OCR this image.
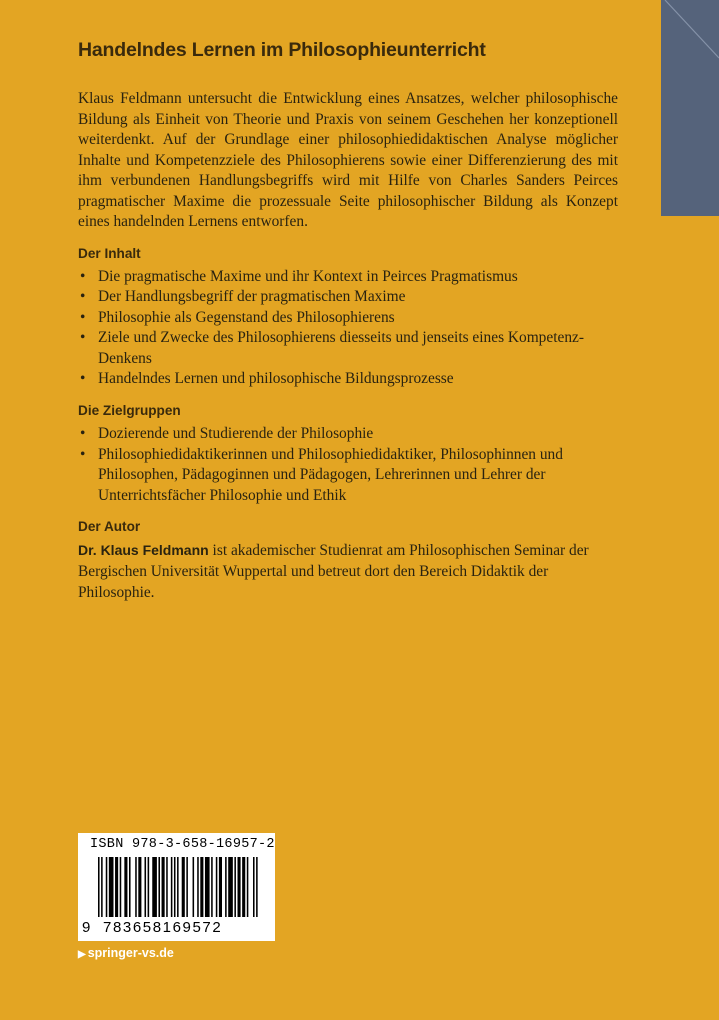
Handelndes Lernen im Philosophieunterricht

Klaus Feldmann untersucht die Entwicklung eines Ansatzes, welcher philosophische Bildung als Einheit von Theorie und Praxis von seinem Geschehen her konzeptionell weiterdenkt. Auf der Grundlage einer philosophiedidaktischen Analyse möglicher Inhalte und Kompetenzziele des Philosophierens sowie einer Differenzierung des mit ihm verbundenen Handlungsbegriffs wird mit Hilfe von Charles Sanders Peirces pragmatischer Maxime die prozessuale Seite philosophischer Bildung als Konzept eines handelnden Lernens entworfen.

Der Inhalt
• Die pragmatische Maxime und ihr Kontext in Peirces Pragmatismus
• Der Handlungsbegriff der pragmatischen Maxime
• Philosophie als Gegenstand des Philosophierens
• Ziele und Zwecke des Philosophierens diesseits und jenseits eines Kompetenz-Denkens
• Handelndes Lernen und philosophische Bildungsprozesse
Die Zielgruppen
• Dozierende und Studierende der Philosophie
• Philosophiedidaktikerinnen und Philosophiedidaktiker, Philosophinnen und Philosophen, Pädagoginnen und Pädagogen, Lehrerinnen und Lehrer der Unterrichtsfächer Philosophie und Ethik
Der Autor

Dr. Klaus Feldmann ist akademischer Studienrat am Philosophischen Seminar der Bergischen Universität Wuppertal und betreut dort den Bereich Didaktik der Philosophie.

ISBN 978-3-658-16957-2
9 783658169572
▶ springer-vs.de
